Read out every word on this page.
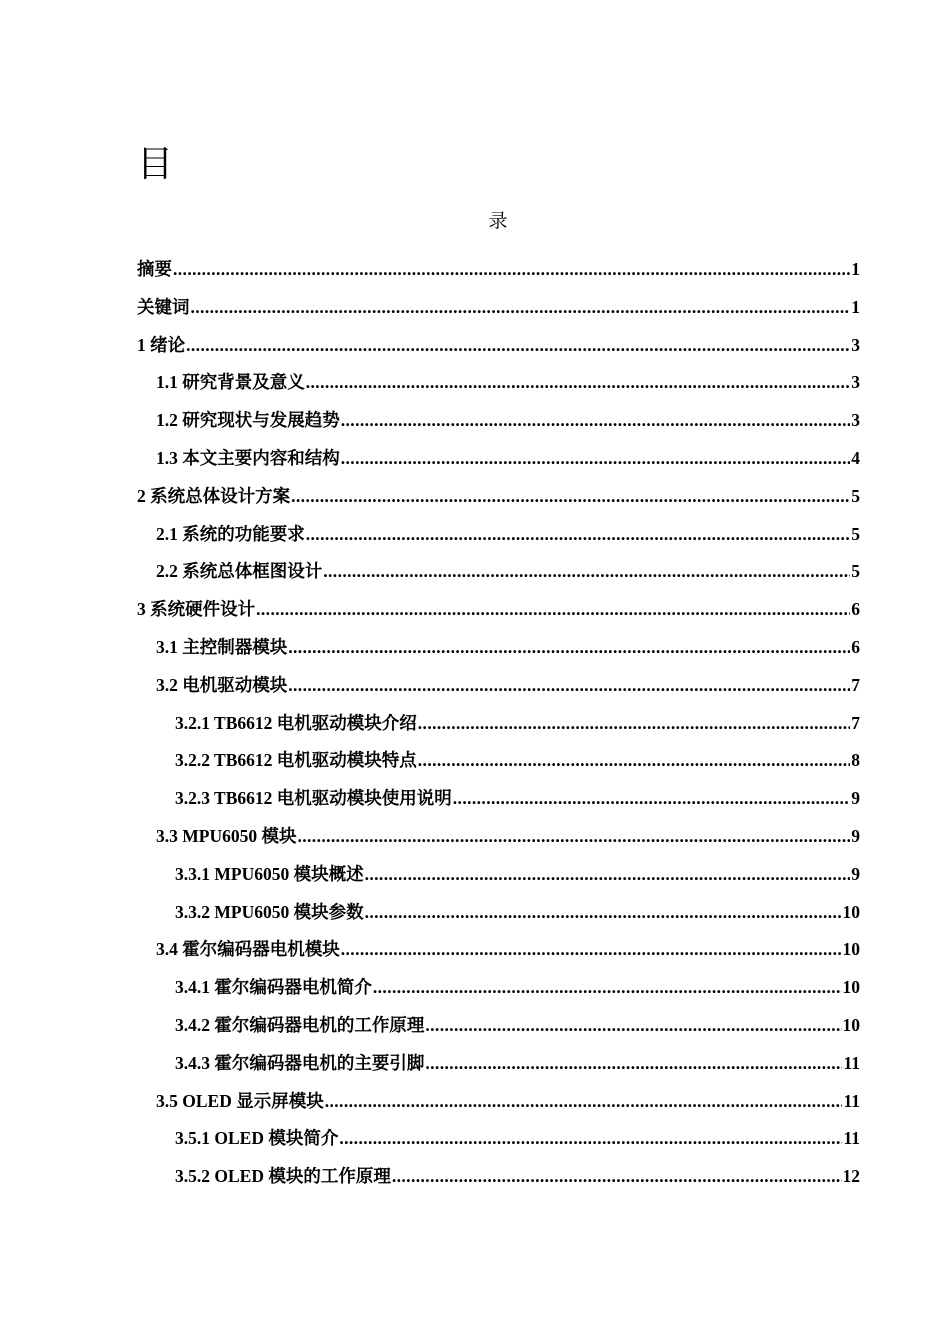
目
录
摘要 .....	1
关键词 .....	1
1 绪论 .....	3
1.1 研究背景及意义 .....	3
1.2 研究现状与发展趋势 .....	3
1.3 本文主要内容和结构 .....	4
2 系统总体设计方案 .....	5
2.1 系统的功能要求 .....	5
2.2 系统总体框图设计 .....	5
3 系统硬件设计 .....	6
3.1 主控制器模块 .....	6
3.2 电机驱动模块 .....	7
3.2.1 TB6612 电机驱动模块介绍 .....	7
3.2.2 TB6612 电机驱动模块特点 .....	8
3.2.3 TB6612 电机驱动模块使用说明 .....	9
3.3 MPU6050 模块 .....	9
3.3.1 MPU6050 模块概述 .....	9
3.3.2 MPU6050 模块参数 .....	10
3.4 霍尔编码器电机模块 .....	10
3.4.1 霍尔编码器电机简介 .....	10
3.4.2 霍尔编码器电机的工作原理 .....	10
3.4.3 霍尔编码器电机的主要引脚 .....	11
3.5 OLED 显示屏模块 .....	11
3.5.1 OLED 模块简介 .....	11
3.5.2 OLED 模块的工作原理 .....	12
